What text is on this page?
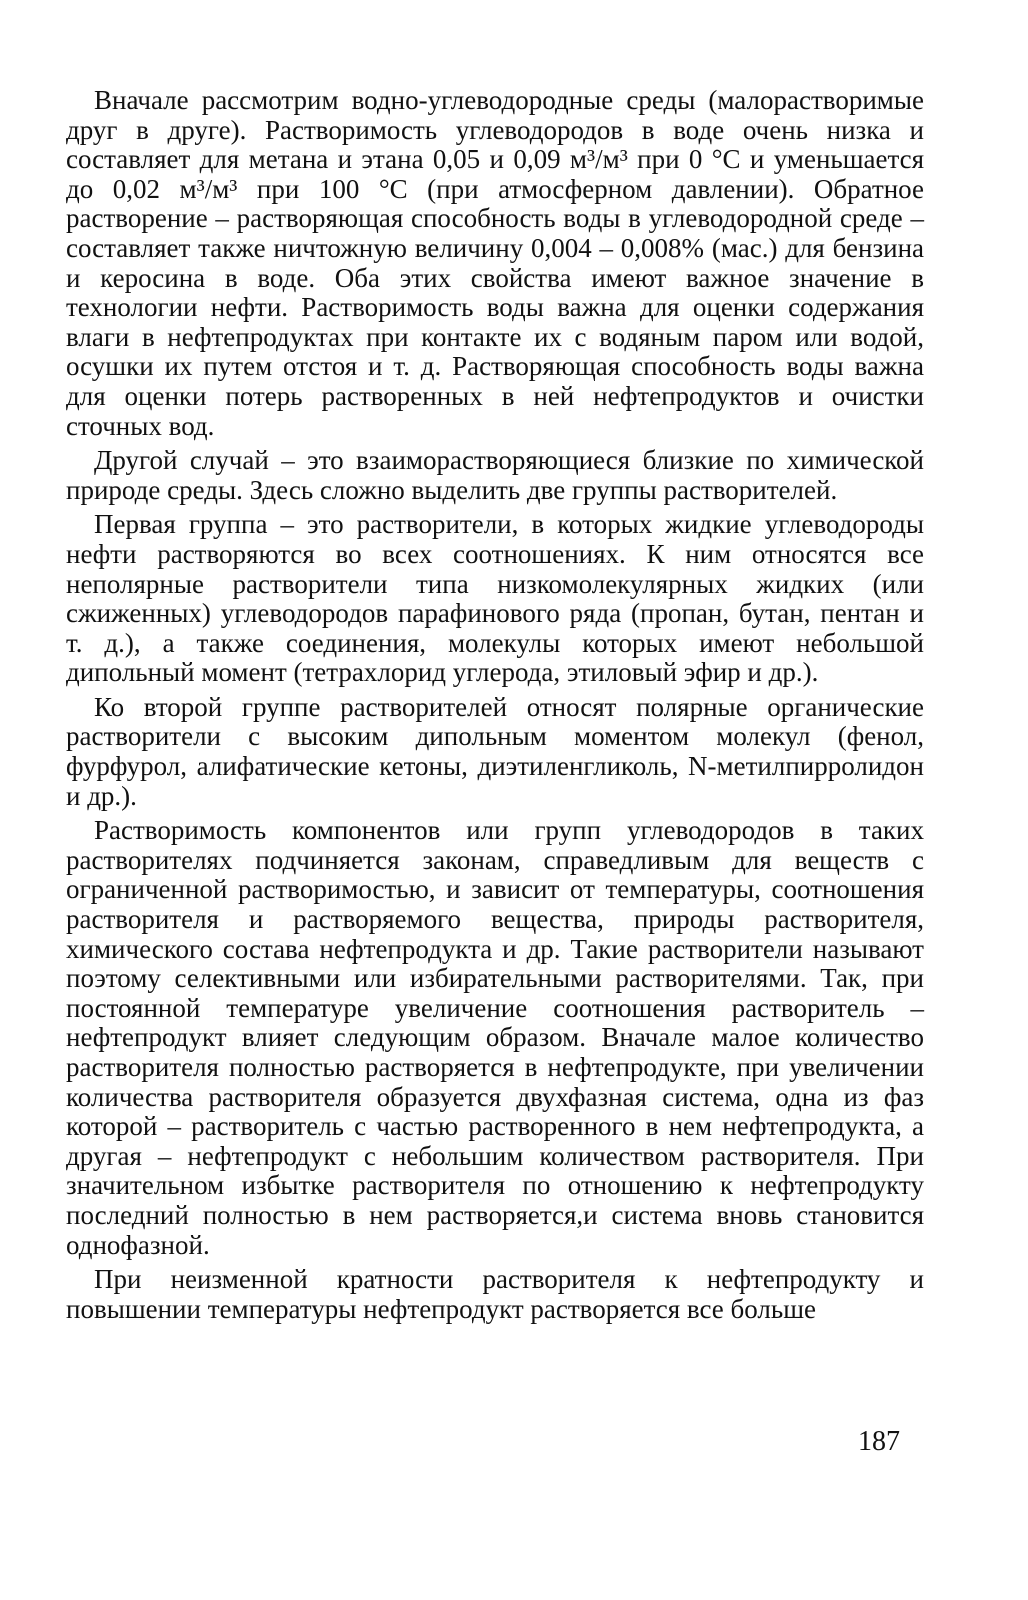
Вначале рассмотрим водно-углеводородные среды (малорастворимые друг в друге). Растворимость углеводородов в воде очень низка и составляет для метана и этана 0,05 и 0,09 м³/м³ при 0 °С и уменьшается до 0,02 м³/м³ при 100 °С (при атмосферном давлении). Обратное растворение – растворяющая способность воды в углеводородной среде – составляет также ничтожную величину 0,004 – 0,008% (мас.) для бензина и керосина в воде. Оба этих свойства имеют важное значение в технологии нефти. Растворимость воды важна для оценки содержания влаги в нефтепродуктах при контакте их с водяным паром или водой, осушки их путем отстоя и т. д. Растворяющая способность воды важна для оценки потерь растворенных в ней нефтепродуктов и очистки сточных вод.

Другой случай – это взаиморастворяющиеся близкие по химической природе среды. Здесь сложно выделить две группы растворителей.

Первая группа – это растворители, в которых жидкие углеводороды нефти растворяются во всех соотношениях. К ним относятся все неполярные растворители типа низкомолекулярных жидких (или сжиженных) углеводородов парафинового ряда (пропан, бутан, пентан и т. д.), а также соединения, молекулы которых имеют небольшой дипольный момент (тетрахлорид углерода, этиловый эфир и др.).

Ко второй группе растворителей относят полярные органические растворители с высоким дипольным моментом молекул (фенол, фурфурол, алифатические кетоны, диэтиленгликоль, N-метилпирролидон и др.).

Растворимость компонентов или групп углеводородов в таких растворителях подчиняется законам, справедливым для веществ с ограниченной растворимостью, и зависит от температуры, соотношения растворителя и растворяемого вещества, природы растворителя, химического состава нефтепродукта и др. Такие растворители называют поэтому селективными или избирательными растворителями. Так, при постоянной температуре увеличение соотношения растворитель – нефтепродукт влияет следующим образом. Вначале малое количество растворителя полностью растворяется в нефтепродукте, при увеличении количества растворителя образуется двухфазная система, одна из фаз которой – растворитель с частью растворенного в нем нефтепродукта, а другая – нефтепродукт с небольшим количеством растворителя. При значительном избытке растворителя по отношению к нефтепродукту последний полностью в нем растворяется,и система вновь становится однофазной.

При неизменной кратности растворителя к нефтепродукту и повышении температуры нефтепродукт растворяется все больше

187
